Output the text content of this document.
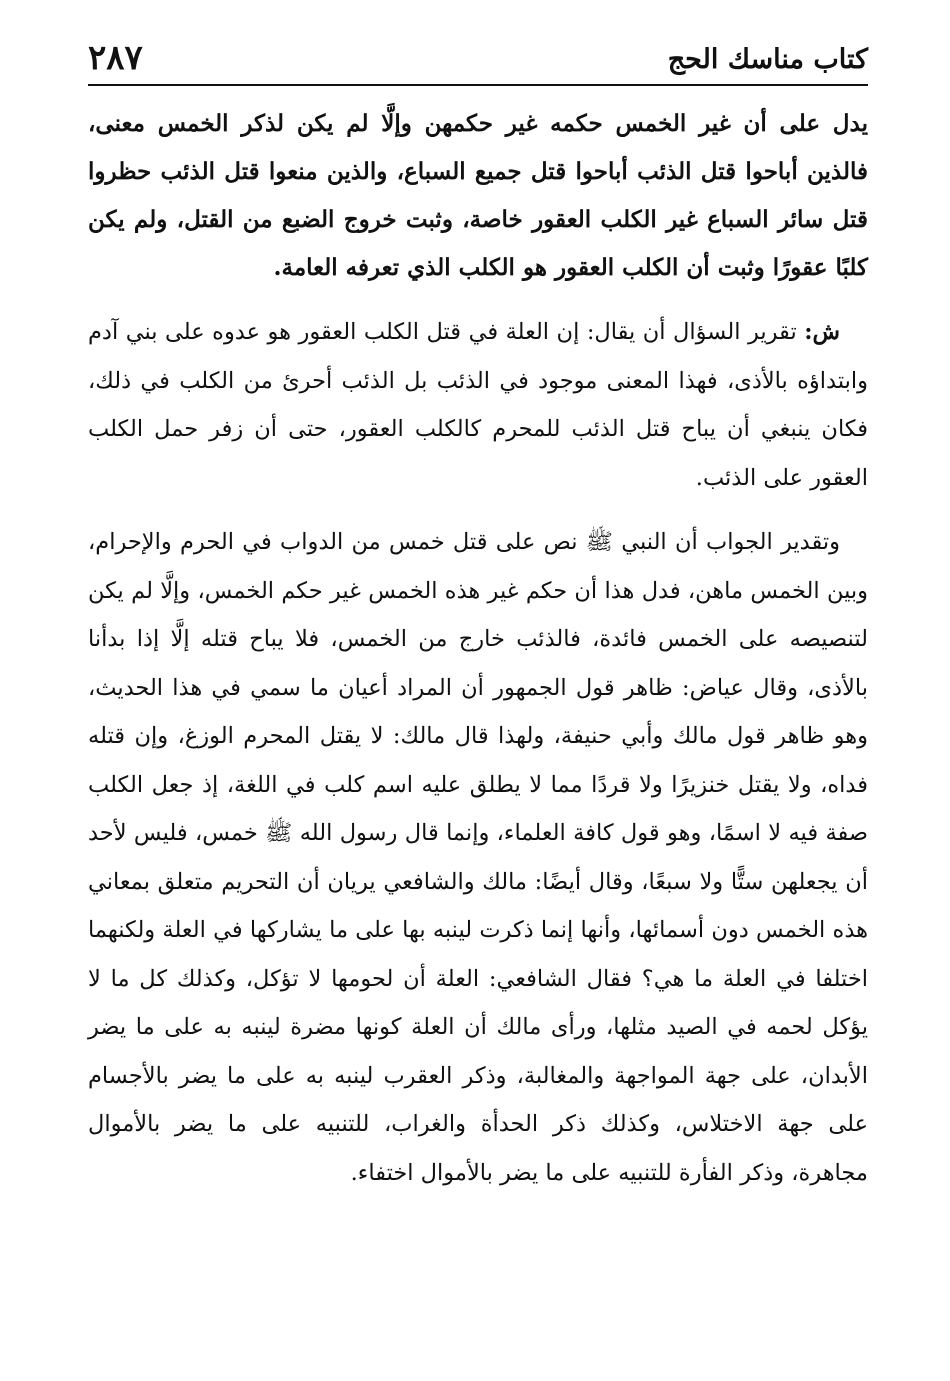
٢٨٧	كتاب مناسك الحج

يدل على أن غير الخمس حكمه غير حكمهن وإلَّا لم يكن لذكر الخمس معنى، فالذين أباحوا قتل الذئب أباحوا قتل جميع السباع، والذين منعوا قتل الذئب حظروا قتل سائر السباع غير الكلب العقور خاصة، وثبت خروج الضبع من القتل، ولم يكن كلبًا عقورًا وثبت أن الكلب العقور هو الكلب الذي تعرفه العامة.

ش: تقرير السؤال أن يقال: إن العلة في قتل الكلب العقور هو عدوه على بني آدم وابتداؤه بالأذى، فهذا المعنى موجود في الذئب بل الذئب أحرئ من الكلب في ذلك، فكان ينبغي أن يباح قتل الذئب للمحرم كالكلب العقور، حتى أن زفر حمل الكلب العقور على الذئب.

وتقدير الجواب أن النبي ﷺ نص على قتل خمس من الدواب في الحرم والإحرام، وبين الخمس ماهن، فدل هذا أن حكم غير هذه الخمس غير حكم الخمس، وإلَّا لم يكن لتنصيصه على الخمس فائدة، فالذئب خارج من الخمس، فلا يباح قتله إلَّا إذا بدأنا بالأذى، وقال عياض: ظاهر قول الجمهور أن المراد أعيان ما سمي في هذا الحديث، وهو ظاهر قول مالك وأبي حنيفة، ولهذا قال مالك: لا يقتل المحرم الوزغ، وإن قتله فداه، ولا يقتل خنزيرًا ولا قردًا مما لا يطلق عليه اسم كلب في اللغة، إذ جعل الكلب صفة فيه لا اسمًا، وهو قول كافة العلماء، وإنما قال رسول الله ﷺ خمس، فليس لأحد أن يجعلهن ستًّا ولا سبعًا، وقال أيضًا: مالك والشافعي يريان أن التحريم متعلق بمعاني هذه الخمس دون أسمائها، وأنها إنما ذكرت لينبه بها على ما يشاركها في العلة ولكنهما اختلفا في العلة ما هي؟ فقال الشافعي: العلة أن لحومها لا تؤكل، وكذلك كل ما لا يؤكل لحمه في الصيد مثلها، ورأى مالك أن العلة كونها مضرة لينبه به على ما يضر الأبدان، على جهة المواجهة والمغالبة، وذكر العقرب لينبه به على ما يضر بالأجسام على جهة الاختلاس، وكذلك ذكر الحدأة والغراب، للتنبيه على ما يضر بالأموال مجاهرة، وذكر الفأرة للتنبيه على ما يضر بالأموال اختفاء.
